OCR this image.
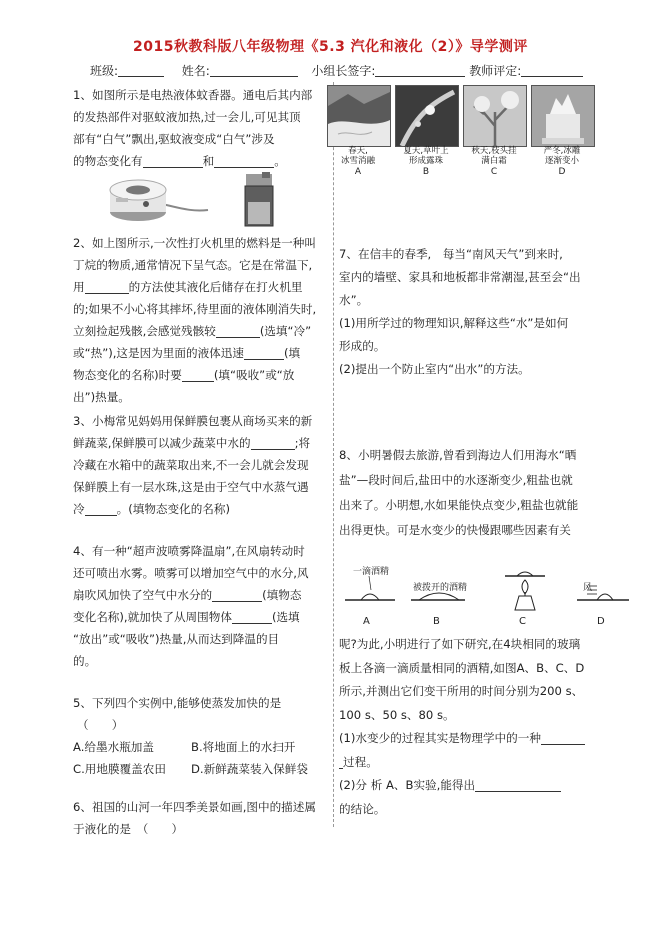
2015秋教科版八年级物理《5.3 汽化和液化（2）》导学测评
班级:	姓名:	小组长签字:	教师评定:

1、如图所示是电热液体蚊香器。通电后其内部

的发热部件对驱蚊液加热,过一会儿,可见其顶

部有“白气”飘出,驱蚊液变成“白气”涉及

的物态变化有	和	。

2、如上图所示,一次性打火机里的燃料是一种叫

丁烷的物质,通常情况下呈气态。它是在常温下,

用	的方法使其液化后储存在打火机里

的;如果不小心将其摔坏,待里面的液体刚消失时,

立刻捡起残骸,会感觉残骸较	(选填“冷”

或“热”),这是因为里面的液体迅速	(填

物态变化的名称)时要	(填“吸收”或“放

出”)热量。

3、小梅常见妈妈用保鲜膜包裹从商场买来的新

鲜蔬菜,保鲜膜可以减少蔬菜中水的	;将

冷藏在水箱中的蔬菜取出来,不一会儿就会发现

保鲜膜上有一层水珠,这是由于空气中水蒸气遇

冷	。(填物态变化的名称)

4、有一种“超声波喷雾降温扇”,在风扇转动时

还可喷出水雾。喷雾可以增加空气中的水分,风

扇吹风加快了空气中水分的	(填物态

变化名称),就加快了从周围物体	(选填

“放出”或“吸收”)热量,从而达到降温的目

的。

5、下列四个实例中,能够使蒸发加快的是

（　　）

A.给墨水瓶加盖	B.将地面上的水扫开

C.用地膜覆盖农田 D.新鲜蔬菜装入保鲜袋

6、祖国的山河一年四季美景如画,图中的描述属

于液化的是　（　　）

春天,
冰雪消融
A
夏天,草叶上
形成露珠
B
秋天,枝头挂
满白霜
C
严冬,冰雕
逐渐变小
D

7、在信丰的春季,　每当“南风天气”到来时,

室内的墙壁、家具和地板都非常潮湿,甚至会“出

水”。

(1)用所学过的物理知识,解释这些“水”是如何

形成的。

(2)提出一个防止室内“出水”的方法。

8、小明暑假去旅游,曾看到海边人们用海水“晒

盐”—段时间后,盐田中的水逐渐变少,粗盐也就

出来了。小明想,水如果能快点变少,粗盐也就能

出得更快。可是水变少的快慢跟哪些因素有关

一滴酒精
被拨开的酒精	风
A	B	C	D

呢?为此,小明进行了如下研究,在4块相同的玻璃

板上各滴一滴质量相同的酒精,如图A、B、C、D

所示,并测出它们变干所用的时间分别为200 s、

100 s、50 s、80 s。

(1)水变少的过程其实是物理学中的一种

过程。

(2)分 析 A、B实验,能得出

的结论。
